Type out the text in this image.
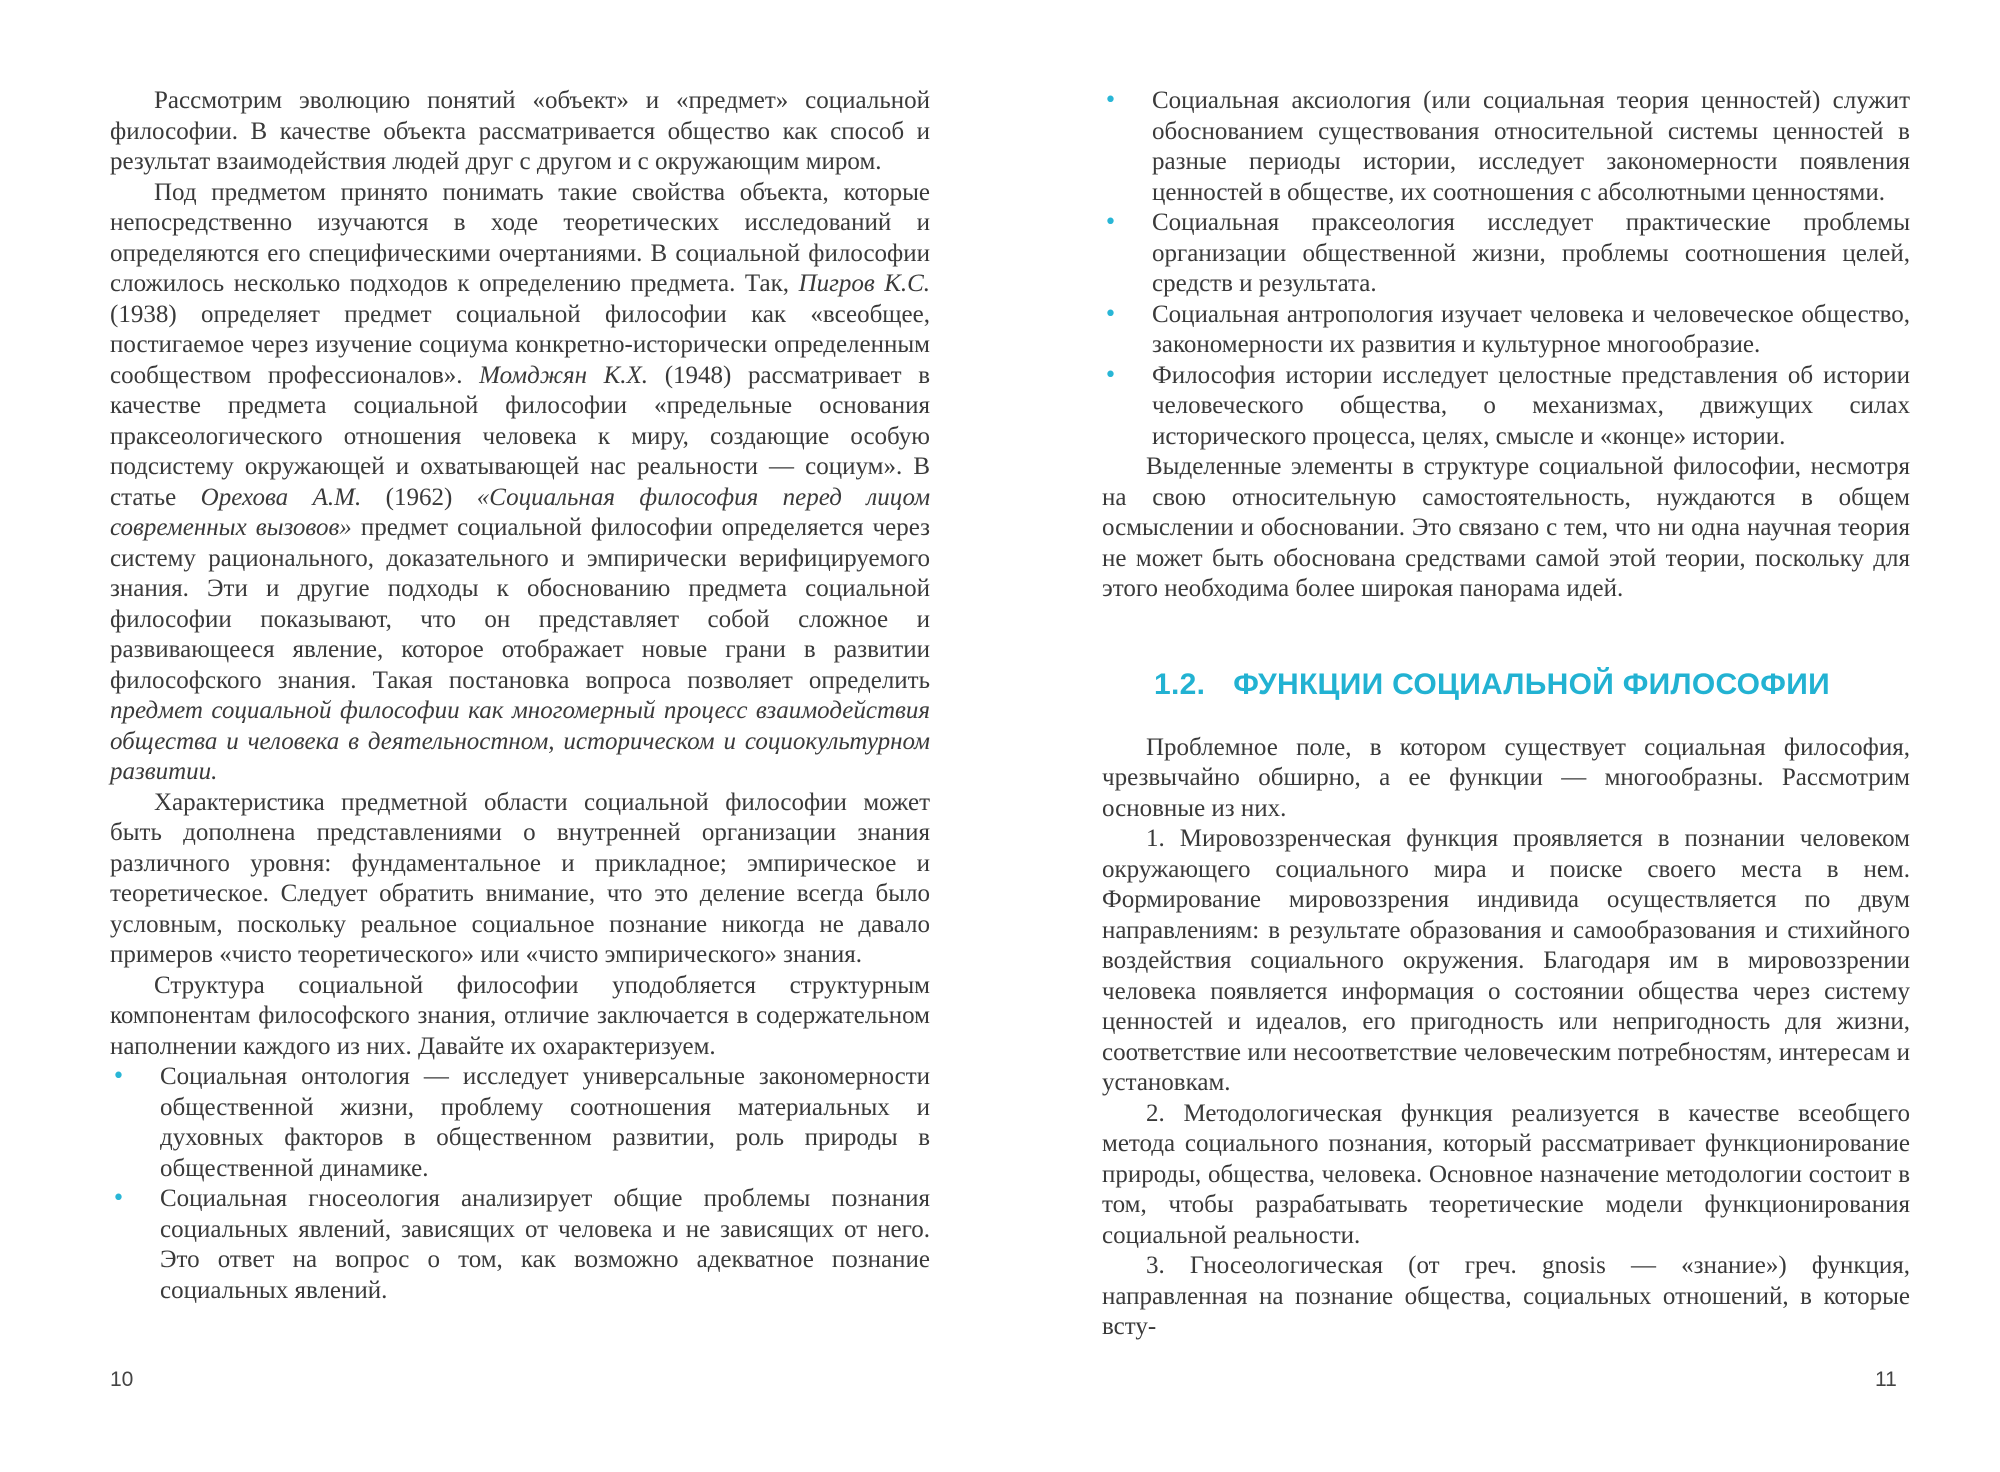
Рассмотрим эволюцию понятий «объект» и «предмет» социальной философии. В качестве объекта рассматривается общество как способ и результат взаимодействия людей друг с другом и с окружающим миром.

Под предметом принято понимать такие свойства объекта, которые непосредственно изучаются в ходе теоретических исследований и определяются его специфическими очертаниями. В социальной философии сложилось несколько подходов к определению предмета. Так, Пигров К.С. (1938) определяет предмет социальной философии как «всеобщее, постигаемое через изучение социума конкретно-исторически определенным сообществом профессионалов». Момджян К.Х. (1948) рассматривает в качестве предмета социальной философии «предельные основания праксеологического отношения человека к миру, создающие особую подсистему окружающей и охватывающей нас реальности — социум». В статье Орехова А.М. (1962) «Социальная философия перед лицом современных вызовов» предмет социальной философии определяется через систему рационального, доказательного и эмпирически верифицируемого знания. Эти и другие подходы к обоснованию предмета социальной философии показывают, что он представляет собой сложное и развивающееся явление, которое отображает новые грани в развитии философского знания. Такая постановка вопроса позволяет определить предмет социальной философии как многомерный процесс взаимодействия общества и человека в деятельностном, историческом и социокультурном развитии.

Характеристика предметной области социальной философии может быть дополнена представлениями о внутренней организации знания различного уровня: фундаментальное и прикладное; эмпирическое и теоретическое. Следует обратить внимание, что это деление всегда было условным, поскольку реальное социальное познание никогда не давало примеров «чисто теоретического» или «чисто эмпирического» знания.

Структура социальной философии уподобляется структурным компонентам философского знания, отличие заключается в содержательном наполнении каждого из них. Давайте их охарактеризуем.

• Социальная онтология — исследует универсальные закономерности общественной жизни, проблему соотношения материальных и духовных факторов в общественном развитии, роль природы в общественной динамике.
• Социальная гносеология анализирует общие проблемы познания социальных явлений, зависящих от человека и не зависящих от него. Это ответ на вопрос о том, как возможно адекватное познание социальных явлений.
• Социальная аксиология (или социальная теория ценностей) служит обоснованием существования относительной системы ценностей в разные периоды истории, исследует закономерности появления ценностей в обществе, их соотношения с абсолютными ценностями.
• Социальная праксеология исследует практические проблемы организации общественной жизни, проблемы соотношения целей, средств и результата.
• Социальная антропология изучает человека и человеческое общество, закономерности их развития и культурное многообразие.
• Философия истории исследует целостные представления об истории человеческого общества, о механизмах, движущих силах исторического процесса, целях, смысле и «конце» истории.

Выделенные элементы в структуре социальной философии, несмотря на свою относительную самостоятельность, нуждаются в общем осмыслении и обосновании. Это связано с тем, что ни одна научная теория не может быть обоснована средствами самой этой теории, поскольку для этого необходима более широкая панорама идей.

1.2. ФУНКЦИИ СОЦИАЛЬНОЙ ФИЛОСОФИИ

Проблемное поле, в котором существует социальная философия, чрезвычайно обширно, а ее функции — многообразны. Рассмотрим основные из них.

1. Мировоззренческая функция проявляется в познании человеком окружающего социального мира и поиске своего места в нем. Формирование мировоззрения индивида осуществляется по двум направлениям: в результате образования и самообразования и стихийного воздействия социального окружения. Благодаря им в мировоззрении человека появляется информация о состоянии общества через систему ценностей и идеалов, его пригодность или непригодность для жизни, соответствие или несоответствие человеческим потребностям, интересам и установкам.

2. Методологическая функция реализуется в качестве всеобщего метода социального познания, который рассматривает функционирование природы, общества, человека. Основное назначение методологии состоит в том, чтобы разрабатывать теоретические модели функционирования социальной реальности.

3. Гносеологическая (от греч. gnosis — «знание») функция, направленная на познание общества, социальных отношений, в которые всту-

10	11
